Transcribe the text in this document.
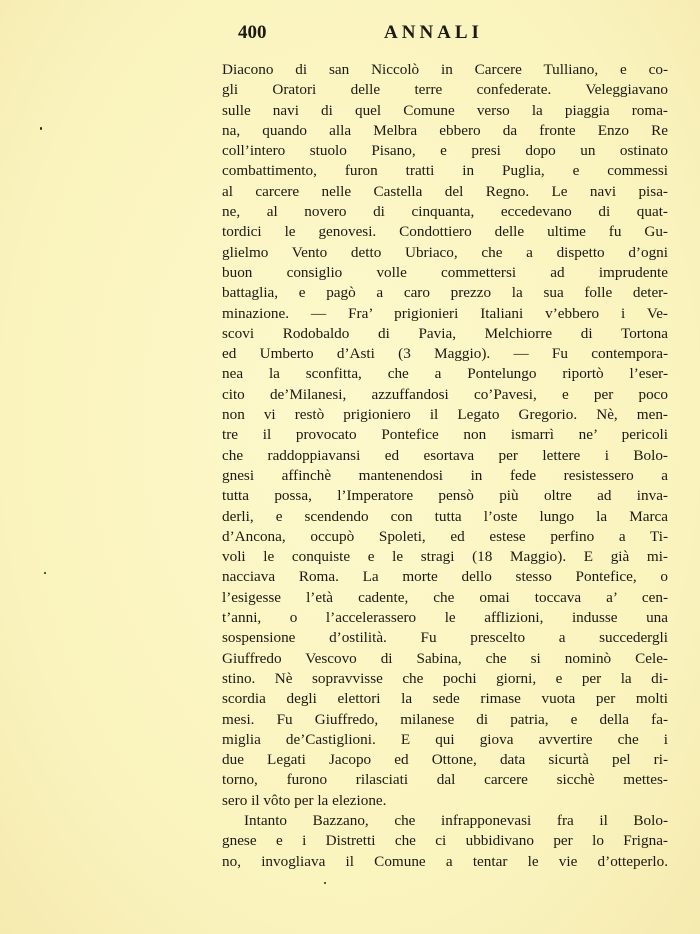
400	ANNALI
Diacono di san Niccolò in Carcere Tulliano, e co-
gli Oratori delle terre confederate. Veleggiavano
sulle navi di quel Comune verso la piaggia roma-
na, quando alla Melbra ebbero da fronte Enzo Re
coll’intero stuolo Pisano, e presi dopo un ostinato
combattimento, furon tratti in Puglia, e commessi
al carcere nelle Castella del Regno. Le navi pisa-
ne, al novero di cinquanta, eccedevano di quat-
tordici le genovesi. Condottiero delle ultime fu Gu-
glielmo Vento detto Ubriaco, che a dispetto d’ogni
buon consiglio volle commettersi ad imprudente
battaglia, e pagò a caro prezzo la sua folle deter-
minazione. — Fra’ prigionieri Italiani v’ebbero i Ve-
scovi Rodobaldo di Pavia, Melchiorre di Tortona
ed Umberto d’Asti (3 Maggio). — Fu contempora-
nea la sconfitta, che a Pontelungo riportò l’eser-
cito de’Milanesi, azzuffandosi co’Pavesi, e per poco
non vi restò prigioniero il Legato Gregorio. Nè, men-
tre il provocato Pontefice non ismarrì ne’ pericoli
che raddoppiavansi ed esortava per lettere i Bolo-
gnesi affinchè mantenendosi in fede resistessero a
tutta possa, l’Imperatore pensò più oltre ad inva-
derli, e scendendo con tutta l’oste lungo la Marca
d’Ancona, occupò Spoleti, ed estese perfino a Ti-
voli le conquiste e le stragi (18 Maggio). E già mi-
nacciava Roma. La morte dello stesso Pontefice, o
l’esigesse l’età cadente, che omai toccava a’ cen-
t’anni, o l’accelerassero le afflizioni, indusse una
sospensione d’ostilità. Fu prescelto a succedergli
Giuffredo Vescovo di Sabina, che si nominò Cele-
stino. Nè sopravvisse che pochi giorni, e per la di-
scordia degli elettori la sede rimase vuota per molti
mesi. Fu Giuffredo, milanese di patria, e della fa-
miglia de’Castiglioni. E qui giova avvertire che i
due Legati Jacopo ed Ottone, data sicurtà pel ri-
torno, furono rilasciati dal carcere sicchè mettes-
sero il vôto per la elezione.
Intanto Bazzano, che infrapponevasi fra il Bolo-
gnese e i Distretti che ci ubbidivano per lo Frigna-
no, invogliava il Comune a tentar le vie d’otteperlo.
